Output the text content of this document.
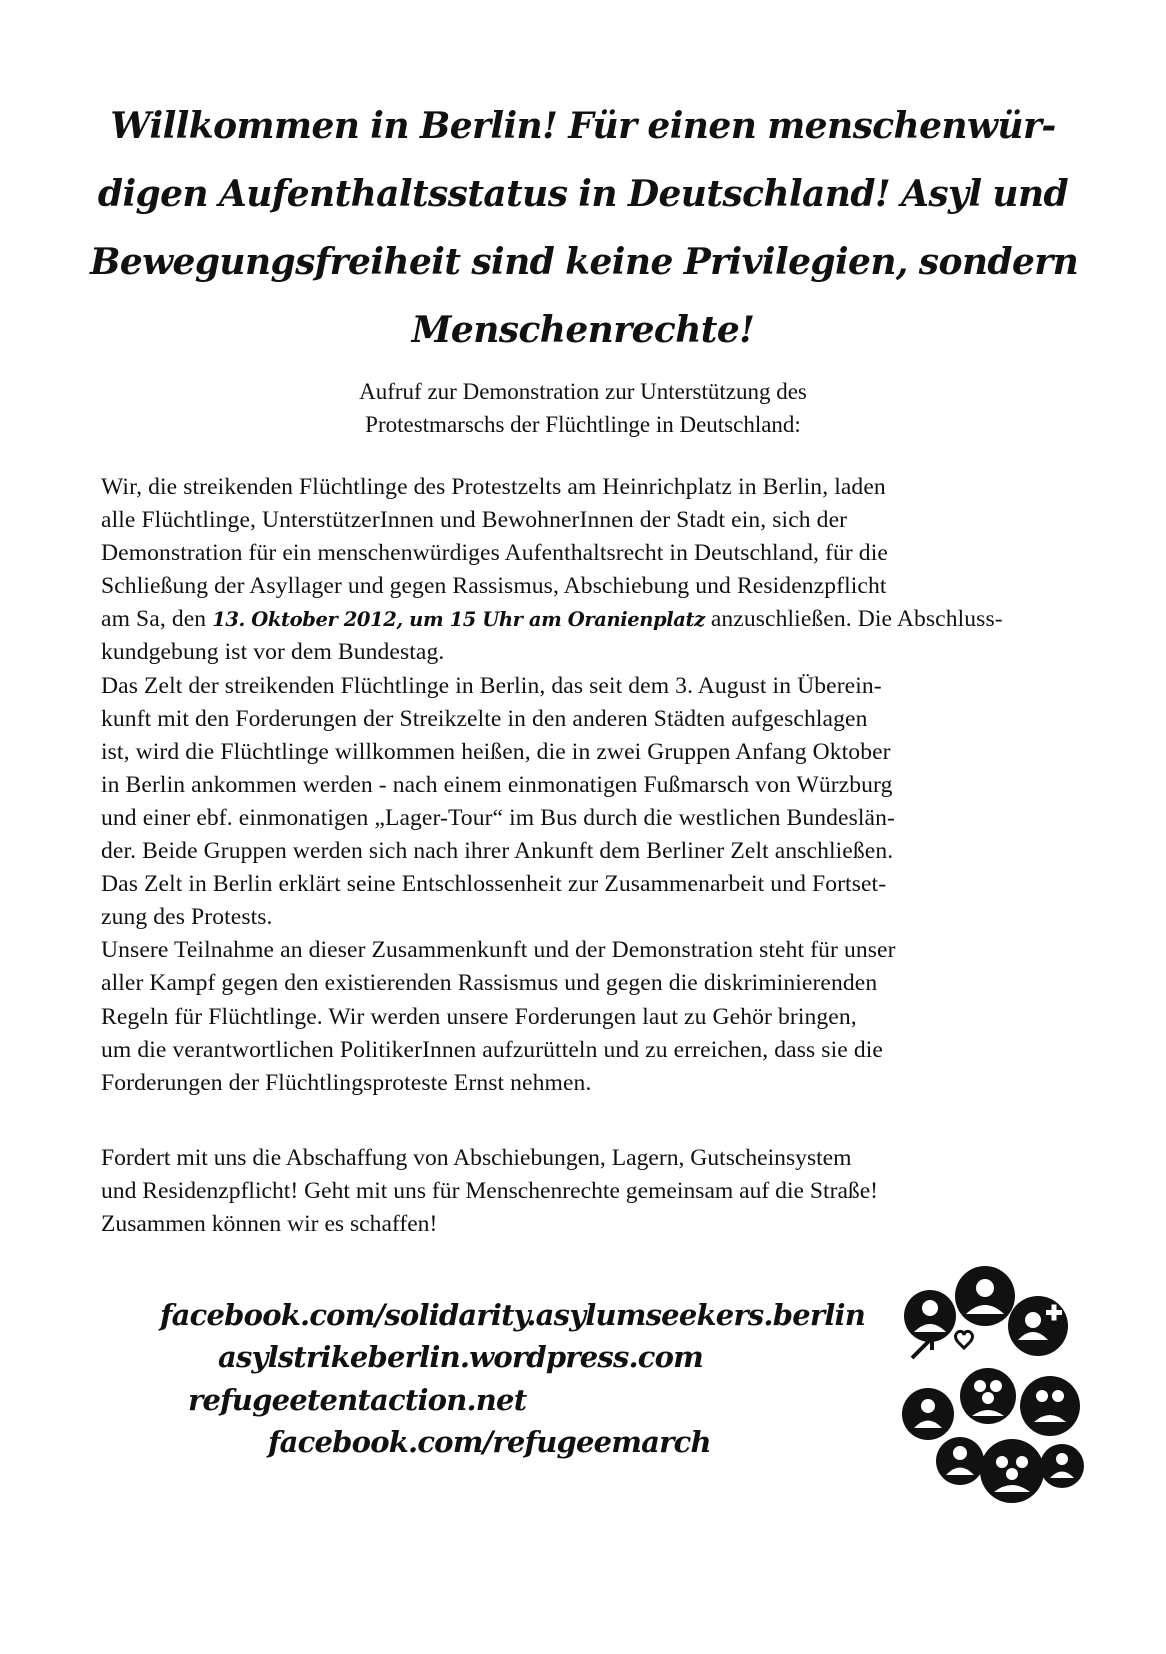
Willkommen in Berlin! Für einen menschenwür-
digen Aufenthaltsstatus in Deutschland! Asyl und
Bewegungsfreiheit sind keine Privilegien, sondern
Menschenrechte!
Aufruf zur Demonstration zur Unterstützung des
Protestmarschs der Flüchtlinge in Deutschland:
Wir, die streikenden Flüchtlinge des Protestzelts am Heinrichplatz in Berlin, laden
alle Flüchtlinge, UnterstützerInnen und BewohnerInnen der Stadt ein, sich der
Demonstration für ein menschenwürdiges Aufenthaltsrecht in Deutschland, für die
Schließung der Asyllager und gegen Rassismus, Abschiebung und Residenzpflicht
am Sa, den 13. Oktober 2012, um 15 Uhr am Oranienplatz anzuschließen. Die Abschluss-
kundgebung ist vor dem Bundestag.
Das Zelt der streikenden Flüchtlinge in Berlin, das seit dem 3. August in Überein-
kunft mit den Forderungen der Streikzelte in den anderen Städten aufgeschlagen
ist, wird die Flüchtlinge willkommen heißen, die in zwei Gruppen Anfang Oktober
in Berlin ankommen werden - nach einem einmonatigen Fußmarsch von Würzburg
und einer ebf. einmonatigen „Lager-Tour“ im Bus durch die westlichen Bundeslän-
der. Beide Gruppen werden sich nach ihrer Ankunft dem Berliner Zelt anschließen.
Das Zelt in Berlin erklärt seine Entschlossenheit zur Zusammenarbeit und Fortset-
zung des Protests.
Unsere Teilnahme an dieser Zusammenkunft und der Demonstration steht für unser
aller Kampf gegen den existierenden Rassismus und gegen die diskriminierenden
Regeln für Flüchtlinge. Wir werden unsere Forderungen laut zu Gehör bringen,
um die verantwortlichen PolitikerInnen aufzurütteln und zu erreichen, dass sie die
Forderungen der Flüchtlingsproteste Ernst nehmen.
Fordert mit uns die Abschaffung von Abschiebungen, Lagern, Gutscheinsystem
und Residenzpflicht! Geht mit uns für Menschenrechte gemeinsam auf die Straße!
Zusammen können wir es schaffen!
facebook.com/solidarity.asylumseekers.berlin
asylstrikeberlin.wordpress.com
refugeetentaction.net
facebook.com/refugeemarch
